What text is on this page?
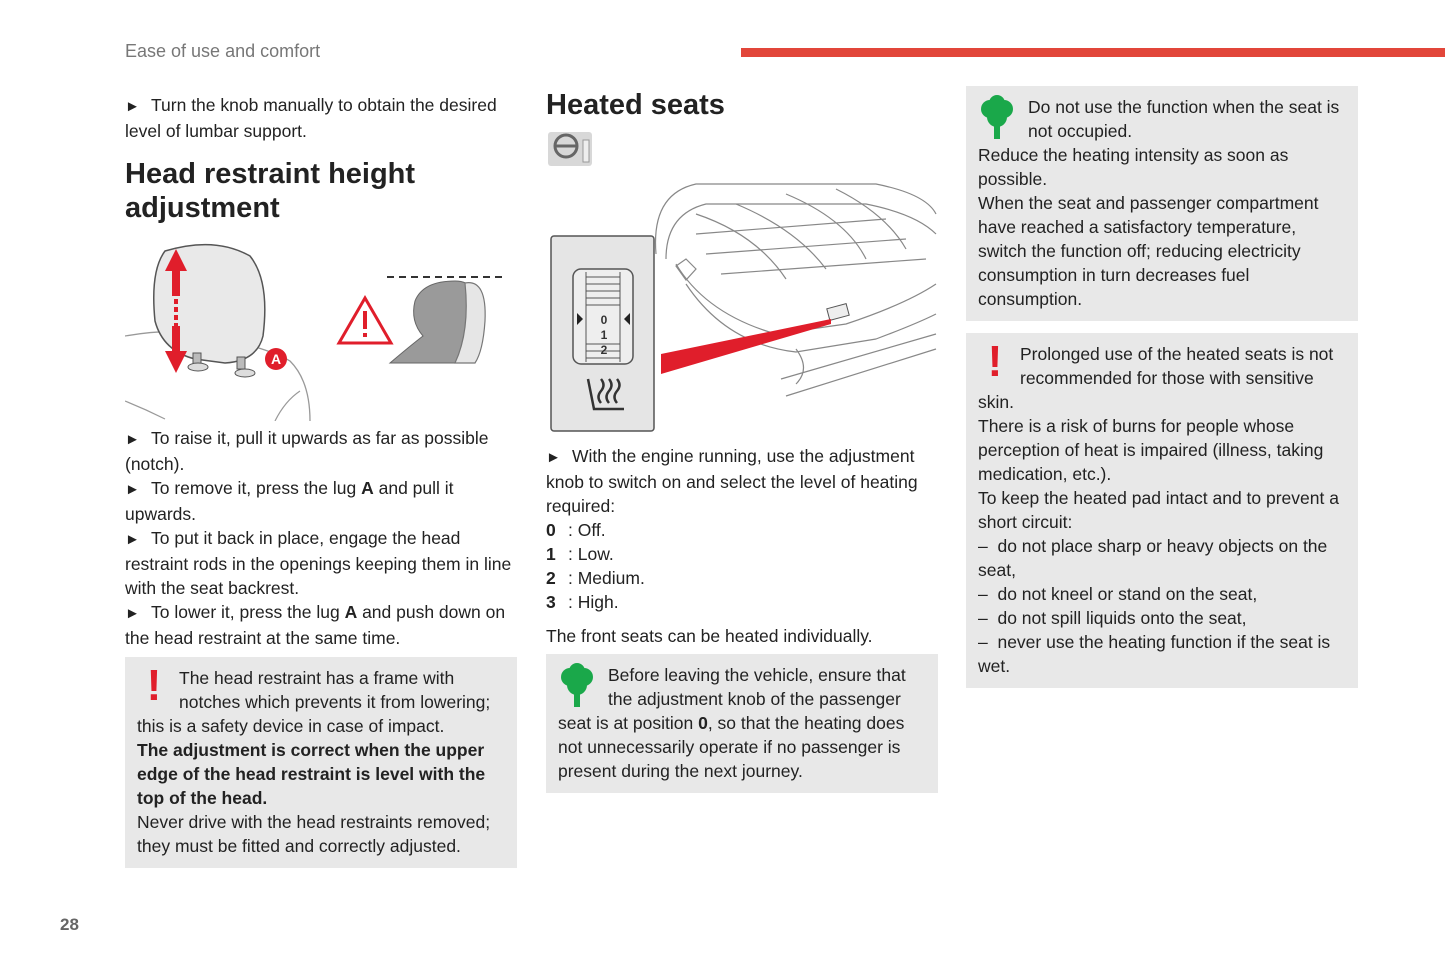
Ease of use and comfort

► Turn the knob manually to obtain the desired level of lumbar support.

Head restraint height adjustment
A

► To raise it, pull it upwards as far as possible (notch).

► To remove it, press the lug A and pull it upwards.

► To put it back in place, engage the head restraint rods in the openings keeping them in line with the seat backrest.

► To lower it, press the lug A and push down on the head restraint at the same time.

!	The head restraint has a frame with notches which prevents it from lowering; this is a safety device in case of impact.

The adjustment is correct when the upper edge of the head restraint is level with the top of the head.

Never drive with the head restraints removed; they must be fitted and correctly adjusted.

Heated seats
0
1
2

► With the engine running, use the adjustment knob to switch on and select the level of heating required:

0 : Off.
1 : Low.
2 : Medium.
3 : High.

The front seats can be heated individually.

Before leaving the vehicle, ensure that the adjustment knob of the passenger seat is at position 0, so that the heating does not unnecessarily operate if no passenger is present during the next journey.

Do not use the function when the seat is not occupied.
Reduce the heating intensity as soon as possible.
When the seat and passenger compartment have reached a satisfactory temperature, switch the function off; reducing electricity consumption in turn decreases fuel consumption.

!	Prolonged use of the heated seats is not recommended for those with sensitive skin.

There is a risk of burns for people whose perception of heat is impaired (illness, taking medication, etc.).

To keep the heated pad intact and to prevent a short circuit:

–  do not place sharp or heavy objects on the seat,

–  do not kneel or stand on the seat,

–  do not spill liquids onto the seat,

–  never use the heating function if the seat is wet.

28
